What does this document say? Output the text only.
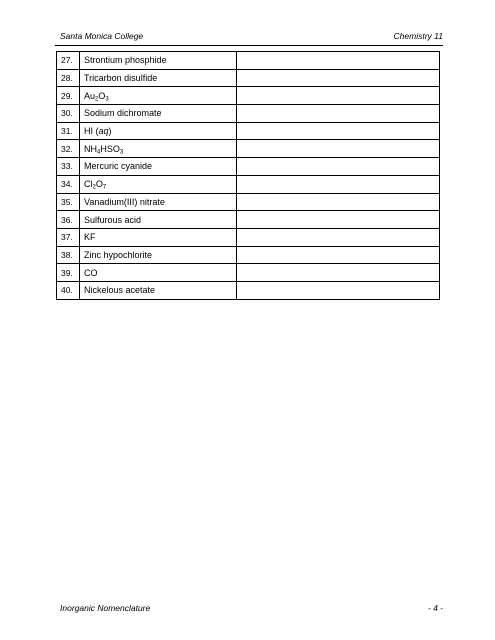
Santa Monica College	Chemistry 11
27.	Strontium phosphide	
28.	Tricarbon disulfide	
29.	$Au_2O_3$	
30.	Sodium dichromate	
31.	HI (aq)	
32.	$NH_4HSO_3$	
33.	Mercuric cyanide	
34.	$Cl_2O_7$	
35.	Vanadium(III) nitrate	
36.	Sulfurous acid	
37.	KF	
38.	Zinc hypochlorite	
39.	CO	
40.	Nickelous acetate	
Inorganic Nomenclature	- 4 -
